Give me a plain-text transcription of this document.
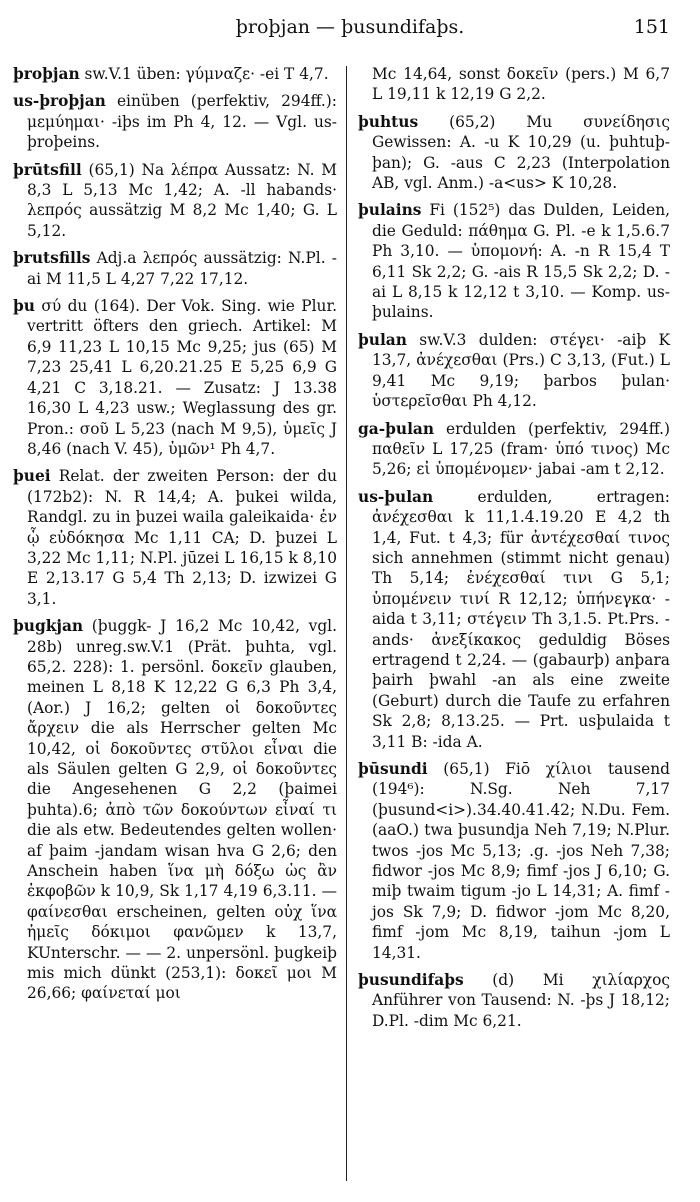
þroþjan — þusundifaþs.	151

þroþjan sw.V.1 üben: γύμναζε· -ei T 4,7.

us-þroþjan einüben (perfektiv, 294ff.): μεμύημαι· -iþs im Ph 4, 12. — Vgl. us-þroþeins.

þrūtsfill (65,1) Na λέπρα Aussatz: N. M 8,3 L 5,13 Mc 1,42; A. -ll habands· λεπρός aussätzig M 8,2 Mc 1,40; G. L 5,12.

þrutsfills Adj.a λεπρός aussätzig: N.Pl. -ai M 11,5 L 4,27 7,22 17,12.

þu σύ du (164). Der Vok. Sing. wie Plur. vertritt öfters den griech. Artikel: M 6,9 11,23 L 10,15 Mc 9,25; jus (65) M 7,23 25,41 L 6,20.21.25 E 5,25 6,9 G 4,21 C 3,18.21. — Zusatz: J 13.38 16,30 L 4,23 usw.; Weglassung des gr. Pron.: σοῦ L 5,23 (nach M 9,5), ὑμεῖς J 8,46 (nach V. 45), ὑμῶν¹ Ph 4,7.

þuei Relat. der zweiten Person: der du (172b2): N. R 14,4; A. þukei wilda, Randgl. zu in þuzei waila galeikaida· ἐν ᾧ εὐδόκησα Mc 1,11 CA; D. þuzei L 3,22 Mc 1,11; N.Pl. jūzei L 16,15 k 8,10 E 2,13.17 G 5,4 Th 2,13; D. izwizei G 3,1.

þugkjan (þuggk- J 16,2 Mc 10,42, vgl. 28b) unreg.sw.V.1 (Prät. þuhta, vgl. 65,2. 228): 1. persönl. δοκεῖν glauben, meinen L 8,18 K 12,22 G 6,3 Ph 3,4, (Aor.) J 16,2; gelten οἱ δοκοῦντες ἄρχειν die als Herrscher gelten Mc 10,42, οἱ δοκοῦντες στῦλοι εἶναι die als Säulen gelten G 2,9, οἱ δοκοῦντες die Angesehenen G 2,2 (þaimei þuhta).6; ἀπὸ τῶν δοκούντων εἶναί τι die als etw. Bedeutendes gelten wollen· af þaim -jandam wisan hva G 2,6; den Anschein haben ἵνα μὴ δόξω ὡς ἂν ἐκφοβῶν k 10,9, Sk 1,17 4,19 6,3.11. — φαίνεσθαι erscheinen, gelten οὐχ ἵνα ἡμεῖς δόκιμοι φανῶμεν k 13,7, KUnterschr. — — 2. unpersönl. þugkeiþ mis mich dünkt (253,1): δοκεῖ μοι M 26,66; φαίνεταί μοι

Mc 14,64, sonst δοκεῖν (pers.) M 6,7 L 19,11 k 12,19 G 2,2.

þuhtus (65,2) Mu συνείδησις Gewissen: A. -u K 10,29 (u. þuhtuþ-þan); G. -aus C 2,23 (Interpolation AB, vgl. Anm.) -a<us> K 10,28.

þulains Fi (152⁵) das Dulden, Leiden, die Geduld: πάθημα G. Pl. -e k 1,5.6.7 Ph 3,10. — ὑπομονή: A. -n R 15,4 T 6,11 Sk 2,2; G. -ais R 15,5 Sk 2,2; D. -ai L 8,15 k 12,12 t 3,10. — Komp. us-þulains.

þulan sw.V.3 dulden: στέγει· -aiþ K 13,7, ἀνέχεσθαι (Prs.) C 3,13, (Fut.) L 9,41 Mc 9,19; þarbos þulan· ὑστερεῖσθαι Ph 4,12.

ga-þulan erdulden (perfektiv, 294ff.) παθεῖν L 17,25 (fram· ὑπό τινος) Mc 5,26; εἰ ὑπομένομεν· jabai -am t 2,12.

us-þulan erdulden, ertragen: ἀνέχεσθαι k 11,1.4.19.20 E 4,2 th 1,4, Fut. t 4,3; für ἀντέχεσθαί τινος sich annehmen (stimmt nicht genau) Th 5,14; ἐνέχεσθαί τινι G 5,1; ὑπομένειν τινί R 12,12; ὑπήνεγκα· -aida t 3,11; στέγειν Th 3,1.5. Pt.Prs. -ands· ἀνεξίκακος geduldig Böses ertragend t 2,24. — (gabaurþ) anþara þairh þwahl -an als eine zweite (Geburt) durch die Taufe zu erfahren Sk 2,8; 8,13.25. — Prt. usþulaida t 3,11 B: -ida A.

þūsundi (65,1) Fiō χίλιοι tausend (194⁶): N.Sg. Neh 7,17 (þusund<i>).34.40.41.42; N.Du. Fem. (aaO.) twa þusundja Neh 7,19; N.Plur. twos -jos Mc 5,13; .g. -jos Neh 7,38; fidwor -jos Mc 8,9; fimf -jos J 6,10; G. miþ twaim tigum -jo L 14,31; A. fimf -jos Sk 7,9; D. fidwor -jom Mc 8,20, fimf -jom Mc 8,19, taihun -jom L 14,31.

þusundifaþs (d) Mi χιλίαρχος Anführer von Tausend: N. -þs J 18,12; D.Pl. -dim Mc 6,21.
